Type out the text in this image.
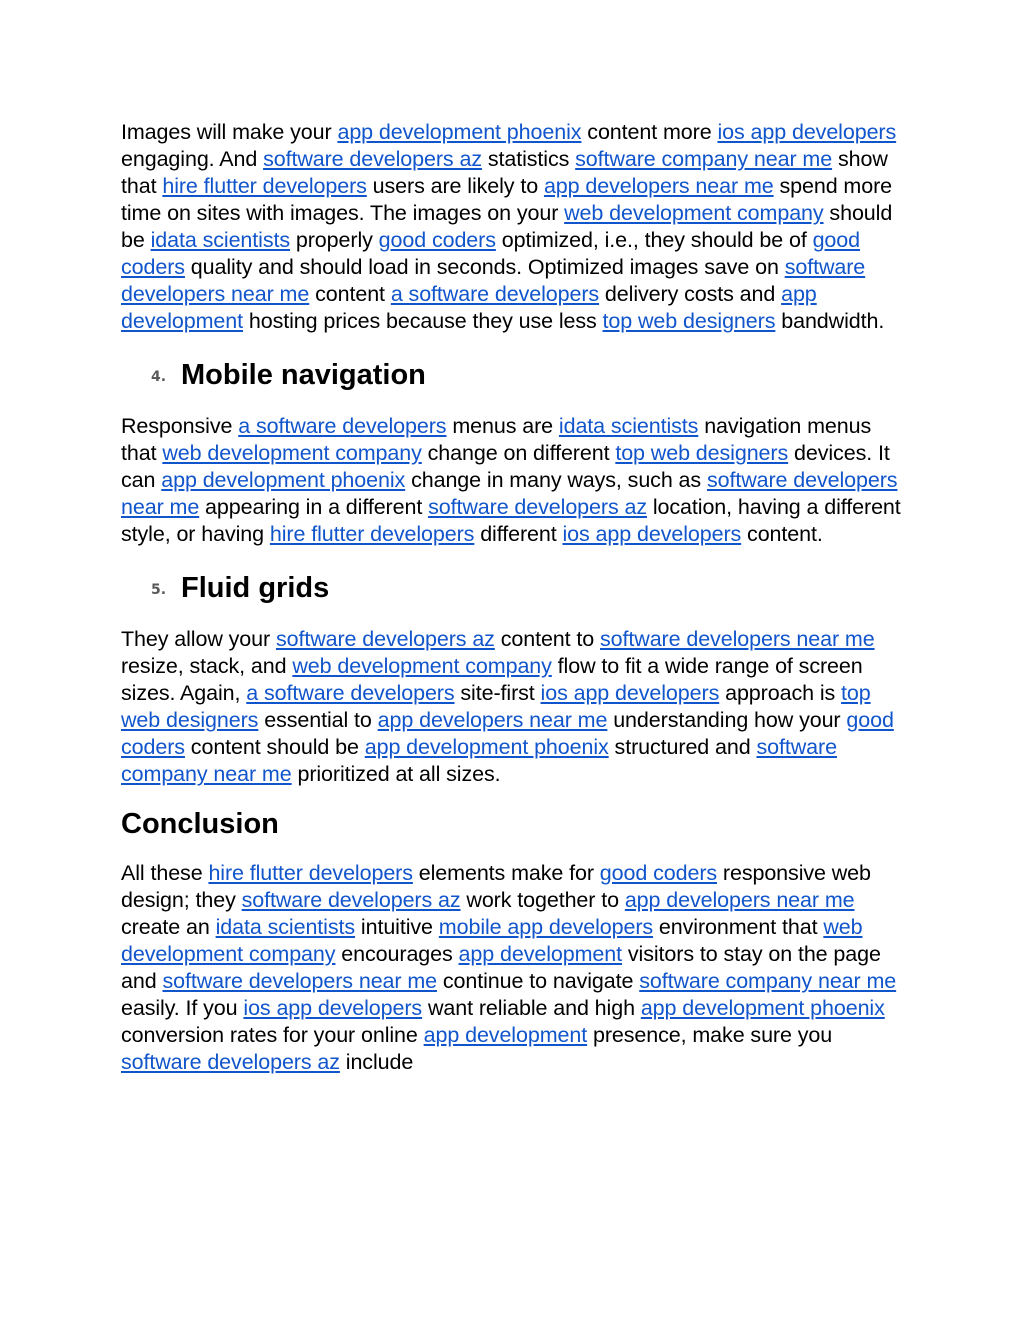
Images will make your app development phoenix content more ios app developers engaging. And software developers az statistics software company near me show that hire flutter developers users are likely to app developers near me spend more time on sites with images. The images on your web development company should be idata scientists properly good coders optimized, i.e., they should be of good coders quality and should load in seconds. Optimized images save on software developers near me content a software developers delivery costs and app development hosting prices because they use less top web designers bandwidth.

4. Mobile navigation

Responsive a software developers menus are idata scientists navigation menus that web development company change on different top web designers devices. It can app development phoenix change in many ways, such as software developers near me appearing in a different software developers az location, having a different style, or having hire flutter developers different ios app developers content.

5. Fluid grids

They allow your software developers az content to software developers near me resize, stack, and web development company flow to fit a wide range of screen sizes. Again, a software developers site-first ios app developers approach is top web designers essential to app developers near me understanding how your good coders content should be app development phoenix structured and software company near me prioritized at all sizes.

Conclusion

All these hire flutter developers elements make for good coders responsive web design; they software developers az work together to app developers near me create an idata scientists intuitive mobile app developers environment that web development company encourages app development visitors to stay on the page and software developers near me continue to navigate software company near me easily. If you ios app developers want reliable and high app development phoenix conversion rates for your online app development presence, make sure you software developers az include
